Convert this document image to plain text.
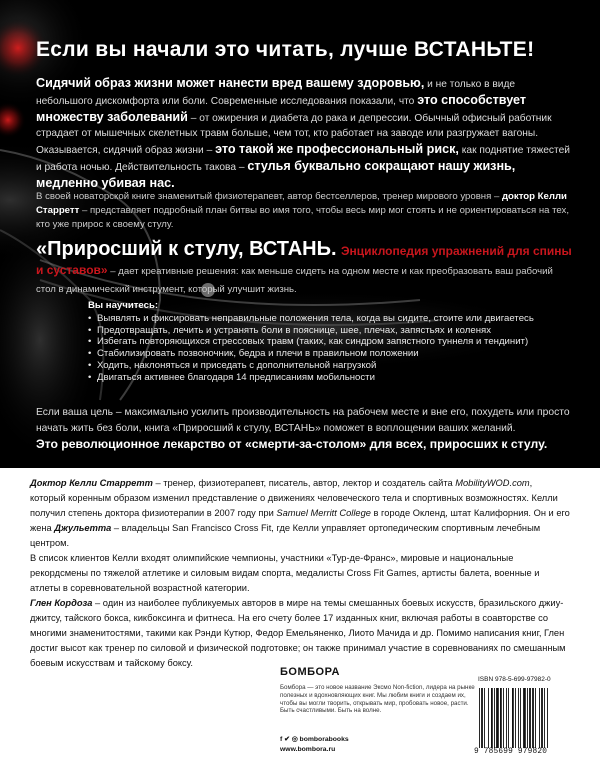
Если вы начали это читать, лучше ВСТАНЬТЕ!
Сидячий образ жизни может нанести вред вашему здоровью, и не только в виде небольшого дискомфорта или боли. Современные исследования показали, что это способствует множеству заболеваний – от ожирения и диабета до рака и депрессии. Обычный офисный работник страдает от мышечных скелетных травм больше, чем тот, кто работает на заводе или разгружает вагоны. Оказывается, сидячий образ жизни – это такой же профессиональный риск, как поднятие тяжестей и работа ночью. Действительность такова – стулья буквально сокращают нашу жизнь, медленно убивая нас.
В своей новаторской книге знаменитый физиотерапевт, автор бестселлеров, тренер мирового уровня – доктор Келли Старретт – представляет подробный план битвы во имя того, чтобы весь мир мог стоять и не ориентироваться на тех, кто уже прирос к своему стулу.
«Приросший к стулу, ВСТАНЬ. Энциклопедия упражнений для спины и суставов» – дает креативные решения: как меньше сидеть на одном месте и как преобразовать ваш рабочий стол в динамический инструмент, который улучшит жизнь.
Вы научитесь:
• Выявлять и фиксировать неправильные положения тела, когда вы сидите, стоите или двигаетесь
• Предотвращать, лечить и устранять боли в пояснице, шее, плечах, запястьях и коленях
• Избегать повторяющихся стрессовых травм (таких, как синдром запястного туннеля и тендинит)
• Стабилизировать позвоночник, бедра и плечи в правильном положении
• Ходить, наклоняться и приседать с дополнительной нагрузкой
• Двигаться активнее благодаря 14 предписаниям мобильности
Если ваша цель – максимально усилить производительность на рабочем месте и вне его, похудеть или просто начать жить без боли, книга «Приросший к стулу, ВСТАНЬ» поможет в воплощении ваших желаний.
Это революционное лекарство от «смерти-за-столом» для всех, приросших к стулу.

Доктор Келли Старретт – тренер, физиотерапевт, писатель, автор, лектор и создатель сайта MobilityWOD.com, который коренным образом изменил представление о движениях человеческого тела и спортивных возможностях. Келли получил степень доктора физиотерапии в 2007 году при Samuel Merritt College в городе Окленд, штат Калифорния. Он и его жена Джульетта – владельцы San Francisco Cross Fit, где Келли управляет ортопедическим спортивным лечебным центром.

В список клиентов Келли входят олимпийские чемпионы, участники «Тур-де-Франс», мировые и национальные рекордсмены по тяжелой атлетике и силовым видам спорта, медалисты Cross Fit Games, артисты балета, военные и атлеты в соревновательной возрастной категории.

Глен Кордоза – один из наиболее публикуемых авторов в мире на темы смешанных боевых искусств, бразильского джиу-джитсу, тайского бокса, кикбоксинга и фитнеса. На его счету более 17 изданных книг, включая работы в соавторстве со многими знаменитостями, такими как Рэнди Кутюр, Федор Емельяненко, Лиото Мачида и др. Помимо написания книг, Глен достиг высот как тренер по силовой и физической подготовке; он также принимал участие в соревнованиях по смешанным боевым искусствам и тайскому боксу.

БОМБОРА
Бомбора — это новое название Эксмо Non-fiction, лидера на рынке полезных и вдохновляющих книг. Мы любим книги и создаем их, чтобы вы могли творить, открывать мир, пробовать новое, расти. Быть счастливыми. Быть на волне.
f ✔ ◎ bomborabooks
www.bombora.ru
ISBN 978-5-699-97982-0
9 785699 979820
